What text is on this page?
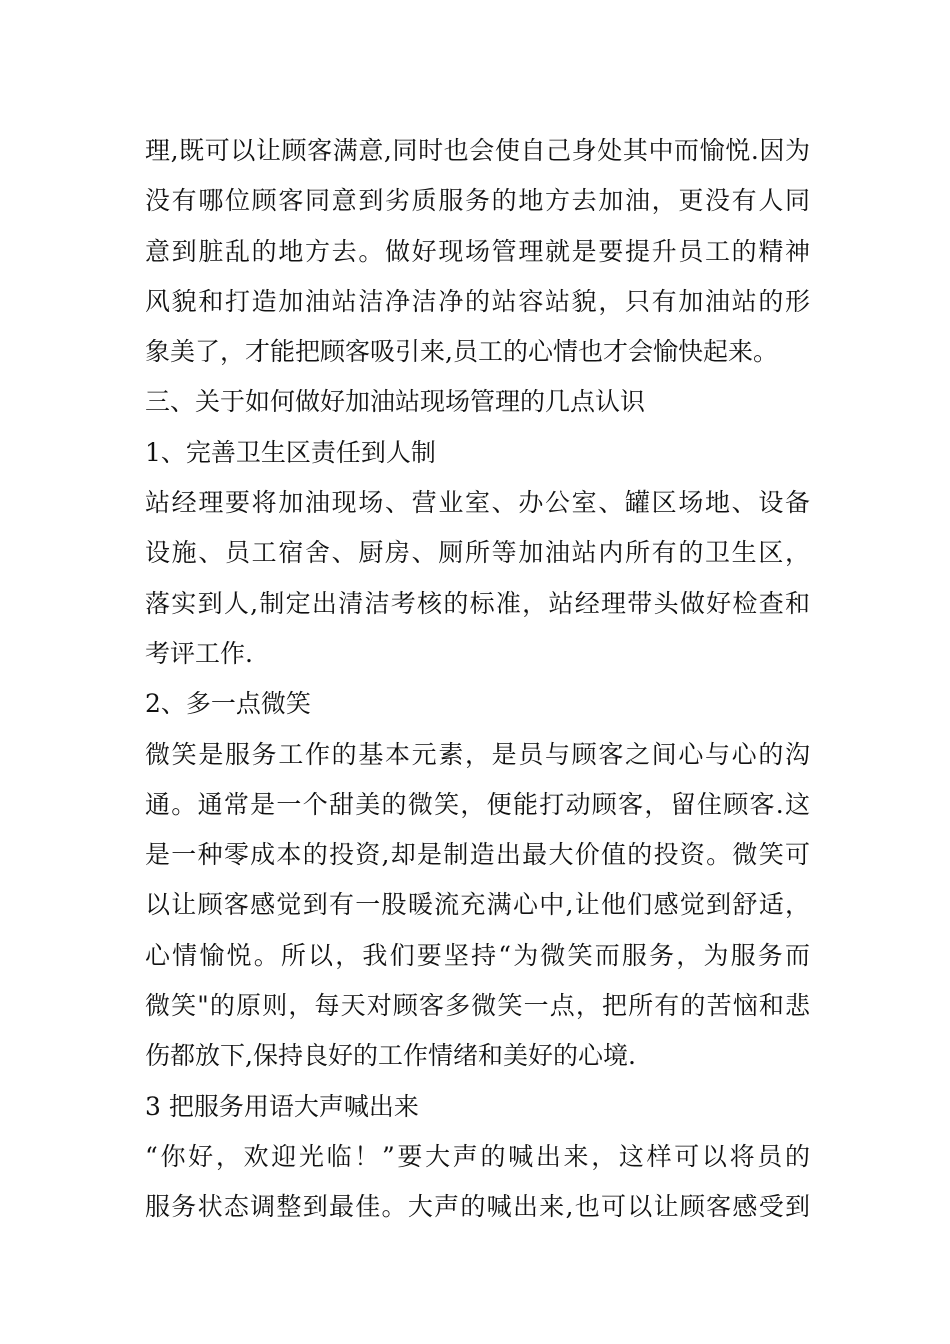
理,既可以让顾客满意,同时也会使自己身处其中而愉悦.因为
没有哪位顾客同意到劣质服务的地方去加油，更没有人同
意到脏乱的地方去。做好现场管理就是要提升员工的精神
风貌和打造加油站洁净洁净的站容站貌，只有加油站的形
象美了，才能把顾客吸引来,员工的心情也才会愉快起来。
三、关于如何做好加油站现场管理的几点认识
1、完善卫生区责任到人制
站经理要将加油现场、营业室、办公室、罐区场地、设备
设施、员工宿舍、厨房、厕所等加油站内所有的卫生区，
落实到人,制定出清洁考核的标准，站经理带头做好检查和
考评工作.
2、多一点微笑
微笑是服务工作的基本元素，是员与顾客之间心与心的沟
通。通常是一个甜美的微笑，便能打动顾客，留住顾客.这
是一种零成本的投资,却是制造出最大价值的投资。微笑可
以让顾客感觉到有一股暖流充满心中,让他们感觉到舒适，
心情愉悦。所以，我们要坚持“为微笑而服务，为服务而
微笑"的原则，每天对顾客多微笑一点，把所有的苦恼和悲
伤都放下,保持良好的工作情绪和美好的心境.
3 把服务用语大声喊出来
“你好，欢迎光临！”要大声的喊出来，这样可以将员的
服务状态调整到最佳。大声的喊出来,也可以让顾客感受到
